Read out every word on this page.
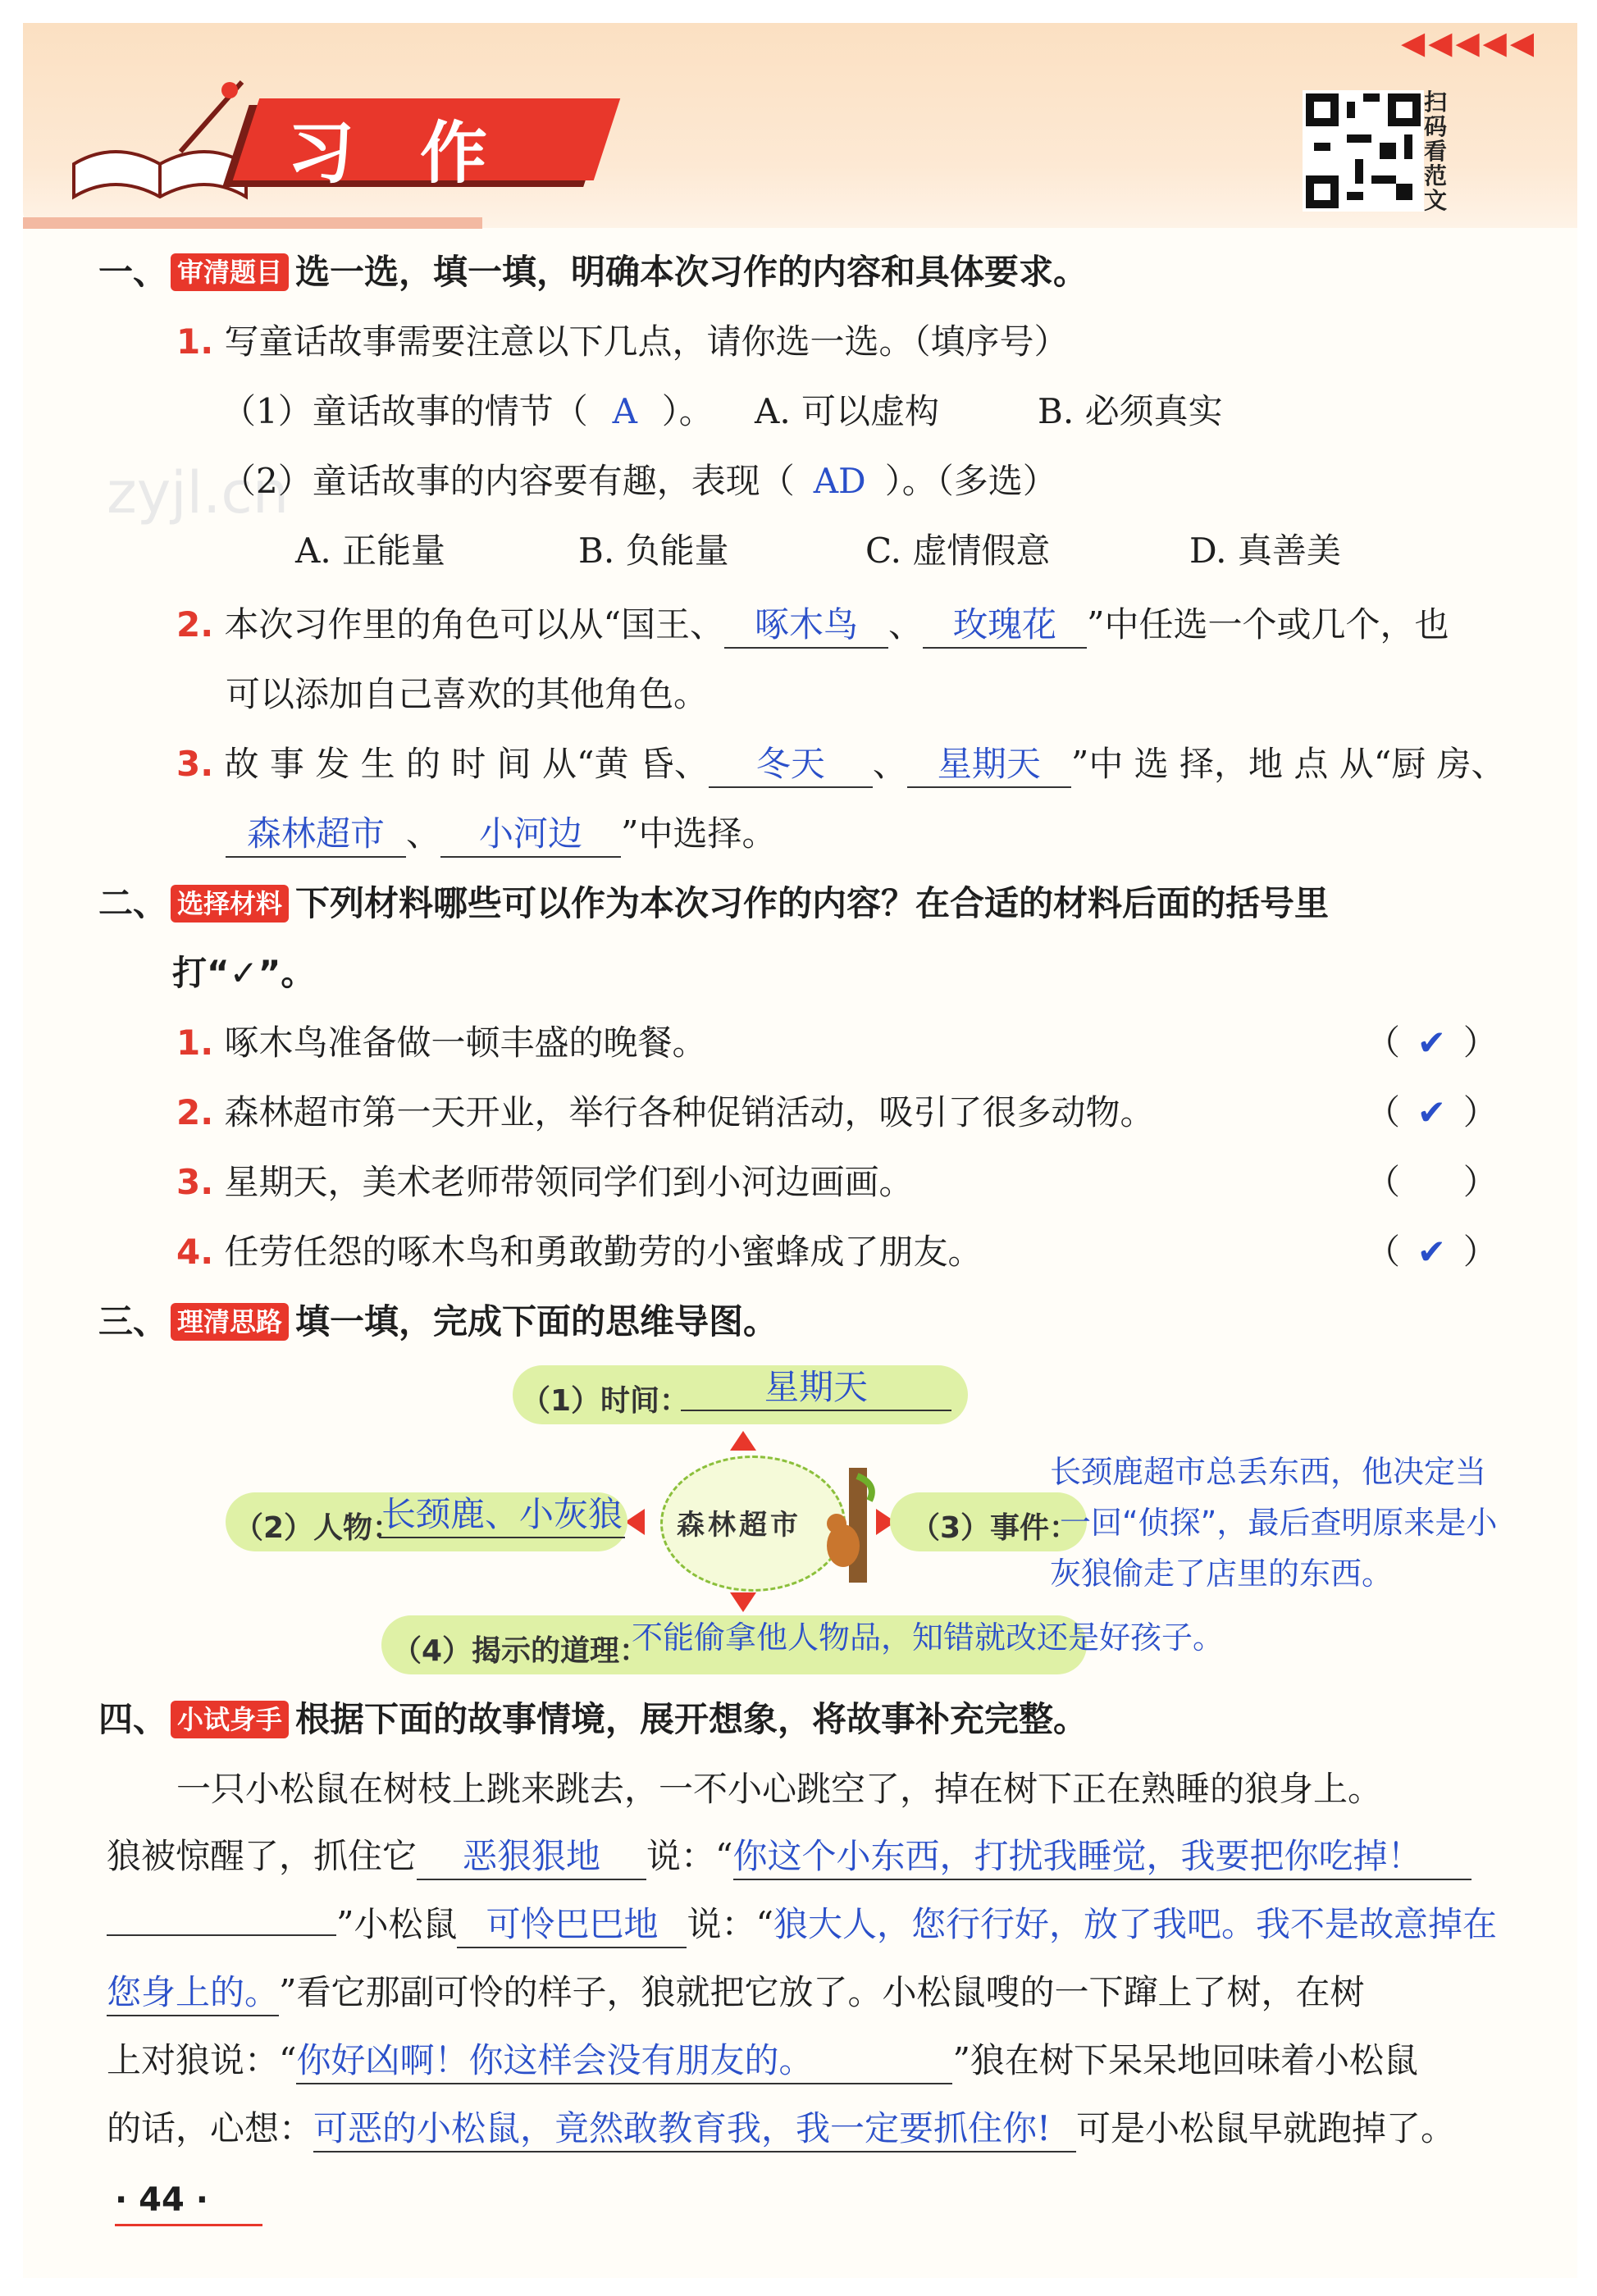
习作
◀◀◀◀◀
扫码看范文
zyjl.cn
一、 审清题目 选一选，填一填，明确本次习作的内容和具体要求。
1. 写童话故事需要注意以下几点，请你选一选。（填序号）
（1）童话故事的情节（ A ）。 A. 可以虚构	B. 必须真实
（2）童话故事的内容要有趣，表现（ AD ）。（多选）
A. 正能量	B. 负能量	C. 虚情假意	D. 真善美
2. 本次习作里的角色可以从“国王、 啄木鸟 、 玫瑰花 ”中任选一个或几个，也
可以添加自己喜欢的其他角色。
3. 故 事 发 生 的 时 间 从“黄 昏、 冬天 、 星期天 ”中 选 择，地 点 从“厨 房、
森林超市 、 小河边 ”中选择。
二、 选择材料 下列材料哪些可以作为本次习作的内容？在合适的材料后面的括号里
打“✓”。
1. 啄木鸟准备做一顿丰盛的晚餐。	（ ✔ ）
2. 森林超市第一天开业，举行各种促销活动，吸引了很多动物。	（ ✔ ）
3. 星期天，美术老师带领同学们到小河边画画。	（  ）
4. 任劳任怨的啄木鸟和勇敢勤劳的小蜜蜂成了朋友。	（ ✔ ）
三、 理清思路 填一填，完成下面的思维导图。
（1）时间：	星期天
森林超市
（2）人物：
长颈鹿、小灰狼	（3）事件：
长颈鹿超市总丢东西，他决定当
一回“侦探”，最后查明原来是小
灰狼偷走了店里的东西。
（4）揭示的道理：
不能偷拿他人物品，知错就改还是好孩子。
四、 小试身手 根据下面的故事情境，展开想象，将故事补充完整。
一只小松鼠在树枝上跳来跳去，一不小心跳空了，掉在树下正在熟睡的狼身上。
狼被惊醒了，抓住它 恶狠狠地 说：“你这个小东西，打扰我睡觉，我要把你吃掉！
”小松鼠 可怜巴巴地 说：“狼大人，您行行好，放了我吧。我不是故意掉在
您身上的。”看它那副可怜的样子，狼就把它放了。小松鼠嗖的一下蹿上了树，在树
上对狼说：“你好凶啊！你这样会没有朋友的。	”狼在树下呆呆地回味着小松鼠
的话，心想：可恶的小松鼠，竟然敢教育我，我一定要抓住你! 可是小松鼠早就跑掉了。
· 44 ·
